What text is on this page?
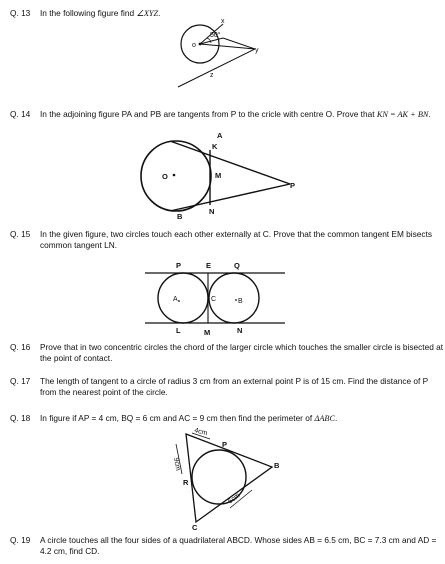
Q. 13	In the following figure find ∠XYZ.
o
50°
x
y
z
Q. 14	In the adjoining figure PA and PB are tangents from P to the cricle with centre O. Prove that KN = AK + BN.
A
K
O	M
P
B
N
Q. 15	In the given figure, two circles touch each other externally at C. Prove that the common tangent EM bisects common tangent LN.
P	E	Q
A	C	B
L	M	N
Q. 16	Prove that in two concentric circles the chord of the larger circle which touches the smaller circle is bisected at the point of contact.
Q. 17	The length of tangent to a circle of radius 3 cm from an external point P is of 15 cm. Find the distance of P from the nearest point of the circle.
Q. 18	In figure if AP = 4 cm, BQ = 6 cm and AC = 9 cm then find the perimeter of ΔABC.
4cm
P
9cm
R
B
6cm
C
Q. 19	A circle touches all the four sides of a quadrilateral ABCD. Whose sides AB = 6.5 cm, BC = 7.3 cm and AD = 4.2 cm, find CD.
